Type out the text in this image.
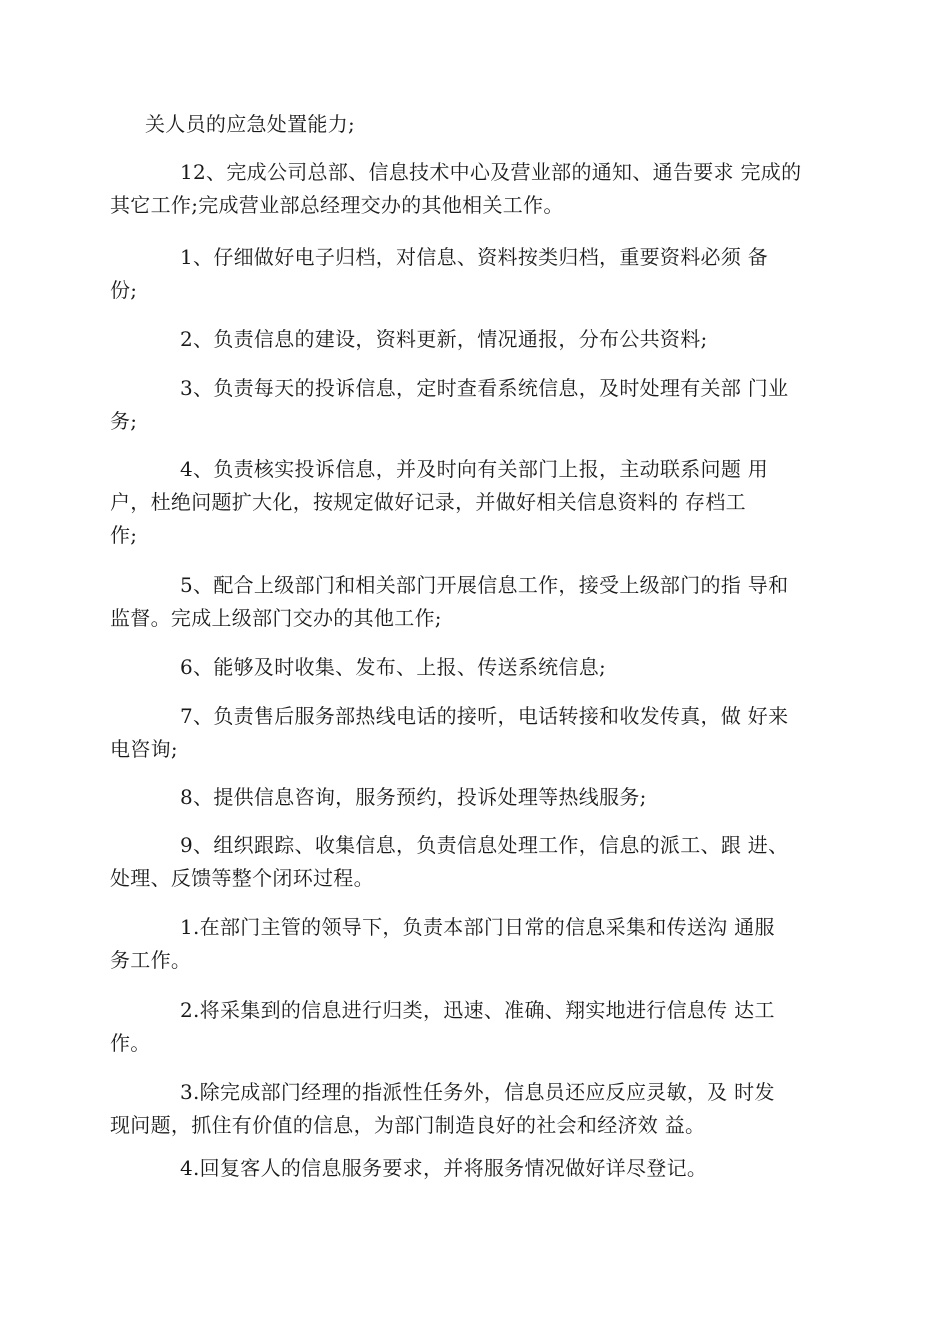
关人员的应急处置能力;

12、完成公司总部、信息技术中心及营业部的通知、通告要求 完成的
其它工作;完成营业部总经理交办的其他相关工作。

1、仔细做好电子归档，对信息、资料按类归档，重要资料必须 备
份;

2、负责信息的建设，资料更新，情况通报，分布公共资料;

3、负责每天的投诉信息，定时查看系统信息，及时处理有关部 门业
务;

4、负责核实投诉信息，并及时向有关部门上报，主动联系问题 用
户，杜绝问题扩大化，按规定做好记录，并做好相关信息资料的 存档工
作;

5、配合上级部门和相关部门开展信息工作，接受上级部门的指 导和
监督。完成上级部门交办的其他工作;

6、能够及时收集、发布、上报、传送系统信息;

7、负责售后服务部热线电话的接听，电话转接和收发传真，做 好来
电咨询;

8、提供信息咨询，服务预约，投诉处理等热线服务;

9、组织跟踪、收集信息，负责信息处理工作，信息的派工、跟 进、
处理、反馈等整个闭环过程。

1.在部门主管的领导下，负责本部门日常的信息采集和传送沟 通服
务工作。

2.将采集到的信息进行归类，迅速、准确、翔实地进行信息传 达工
作。

3.除完成部门经理的指派性任务外，信息员还应反应灵敏，及 时发
现问题，抓住有价值的信息，为部门制造良好的社会和经济效 益。

4.回复客人的信息服务要求，并将服务情况做好详尽登记。
